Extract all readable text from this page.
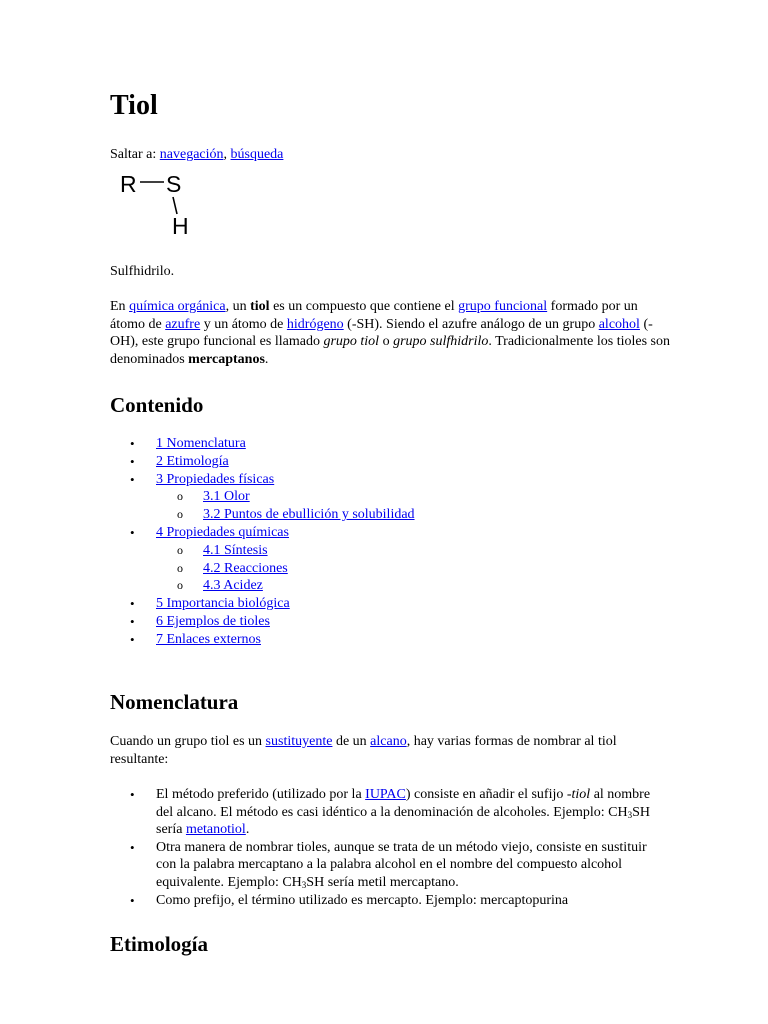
Tiol
Saltar a: navegación, búsqueda
R S
H
Sulfhidrilo.

En química orgánica, un tiol es un compuesto que contiene el grupo funcional formado por un átomo de azufre y un átomo de hidrógeno (-SH). Siendo el azufre análogo de un grupo alcohol (-OH), este grupo funcional es llamado grupo tiol o grupo sulfhidrilo. Tradicionalmente los tioles son denominados mercaptanos.

Contenido
• 1 Nomenclatura
• 2 Etimología
• 3 Propiedades físicas
o 3.1 Olor
o 3.2 Puntos de ebullición y solubilidad
• 4 Propiedades químicas
o 4.1 Síntesis
o 4.2 Reacciones
o 4.3 Acidez
• 5 Importancia biológica
• 6 Ejemplos de tioles
• 7 Enlaces externos
Nomenclatura

Cuando un grupo tiol es un sustituyente de un alcano, hay varias formas de nombrar al tiol resultante:

• El método preferido (utilizado por la IUPAC) consiste en añadir el sufijo -tiol al nombre del alcano. El método es casi idéntico a la denominación de alcoholes. Ejemplo: $CH_3SH$ sería metanotiol.
• Otra manera de nombrar tioles, aunque se trata de un método viejo, consiste en sustituir con la palabra mercaptano a la palabra alcohol en el nombre del compuesto alcohol equivalente. Ejemplo: $CH_3SH$ sería metil mercaptano.
• Como prefijo, el término utilizado es mercapto. Ejemplo: mercaptopurina
Etimología
